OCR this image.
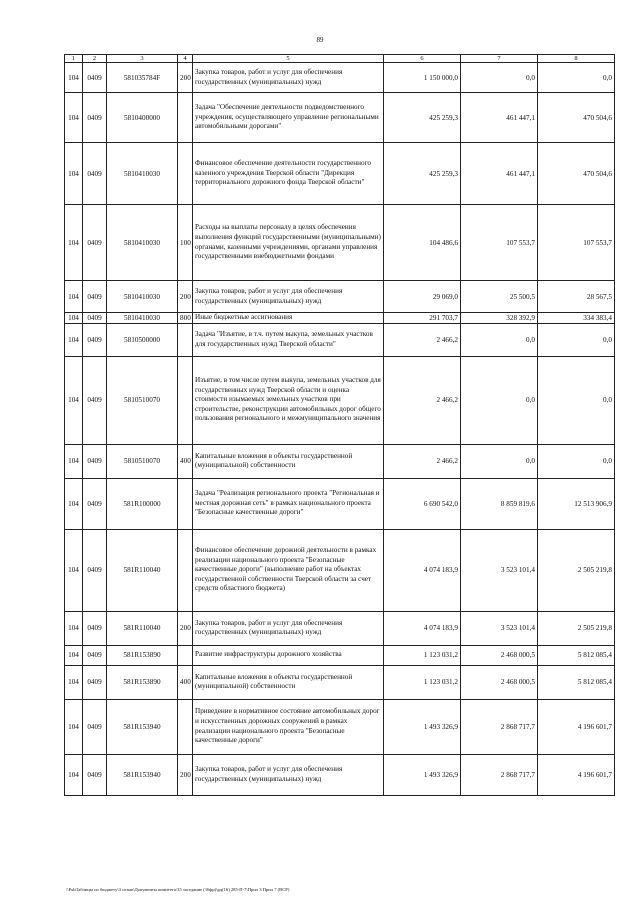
89
1	2	3	4	5	6	7	8
104	0409	581035784F	200	Закупка товаров, работ и услуг для обеспечения государственных (муниципальных) нужд	1 150 000,0	0,0	0,0
104	0409	5810400000		Задача "Обеспечение деятельности подведомственного учреждения, осуществляющего управление региональными автомобильными дорогами"	425 259,3	461 447,1	470 504,6
104	0409	5810410030		Финансовое обеспечение деятельности государственного казенного учреждения Тверской области "Дирекция территориального дорожного фонда Тверской области"	425 259,3	461 447,1	470 504,6
104	0409	5810410030	100	Расходы на выплаты персоналу в целях обеспечения выполнения функций государственными (муниципальными) органами, казенными учреждениями, органами управления государственными внебюджетными фондами	104 486,6	107 553,7	107 553,7
104	0409	5810410030	200	Закупка товаров, работ и услуг для обеспечения государственных (муниципальных) нужд	29 069,0	25 500,5	28 567,5
104	0409	5810410030	800	Иные бюджетные ассигнования	291 703,7	328 392,9	334 383,4
104	0409	5810500000		Задача "Изъятие, в т.ч. путем выкупа, земельных участков для государственных нужд Тверской области"	2 466,2	0,0	0,0
104	0409	5810510070		Изъятие, в том числе путем выкупа, земельных участков для государственных нужд Тверской области и оценка стоимости изымаемых земельных участков при строительстве, реконструкции автомобильных дорог общего пользования регионального и межмуниципального значения	2 466,2	0,0	0,0
104	0409	5810510070	400	Капитальные вложения в объекты государственной (муниципальной) собственности	2 466,2	0,0	0,0
104	0409	581R100000		Задача "Реализация регионального проекта "Региональная и местная дорожная сеть" в рамках национального проекта "Безопасные качественные дороги"	6 690 542,0	8 859 819,6	12 513 906,9
104	0409	581R110040		Финансовое обеспечение дорожной деятельности в рамках реализации национального проекта "Безопасные качественные дороги" (выполнение работ на объектах государственной собственности Тверской области за счет средств областного бюджета)	4 074 183,9	3 523 101,4	2 505 219,8
104	0409	581R110040	200	Закупка товаров, работ и услуг для обеспечения государственных (муниципальных) нужд	4 074 183,9	3 523 101,4	2 505 219,8
104	0409	581R153890		Развитие инфраструктуры дорожного хозяйства	1 123 031,2	2 468 000,5	5 812 085,4
104	0409	581R153890	400	Капитальные вложения в объекты государственной (муниципальной) собственности	1 123 031,2	2 468 000,5	5 812 085,4
104	0409	581R153940		Приведение в нормативное состояние автомобильных дорог и искусственных дорожных сооружений в рамках реализации национального проекта "Безопасные качественные дороги"	1 493 326,9	2 868 717,7	4 196 601,7
104	0409	581R153940	200	Закупка товаров, работ и услуг для обеспечения государственных (муниципальных) нужд	1 493 326,9	2 868 717,7	4 196 601,7
\\PubТаблицы по бюджету\3 созыв\Документы комитета\35 заседание (16фр)\рд(16) 285-П-7\Прил 3 Прил 7 (ВСР)
